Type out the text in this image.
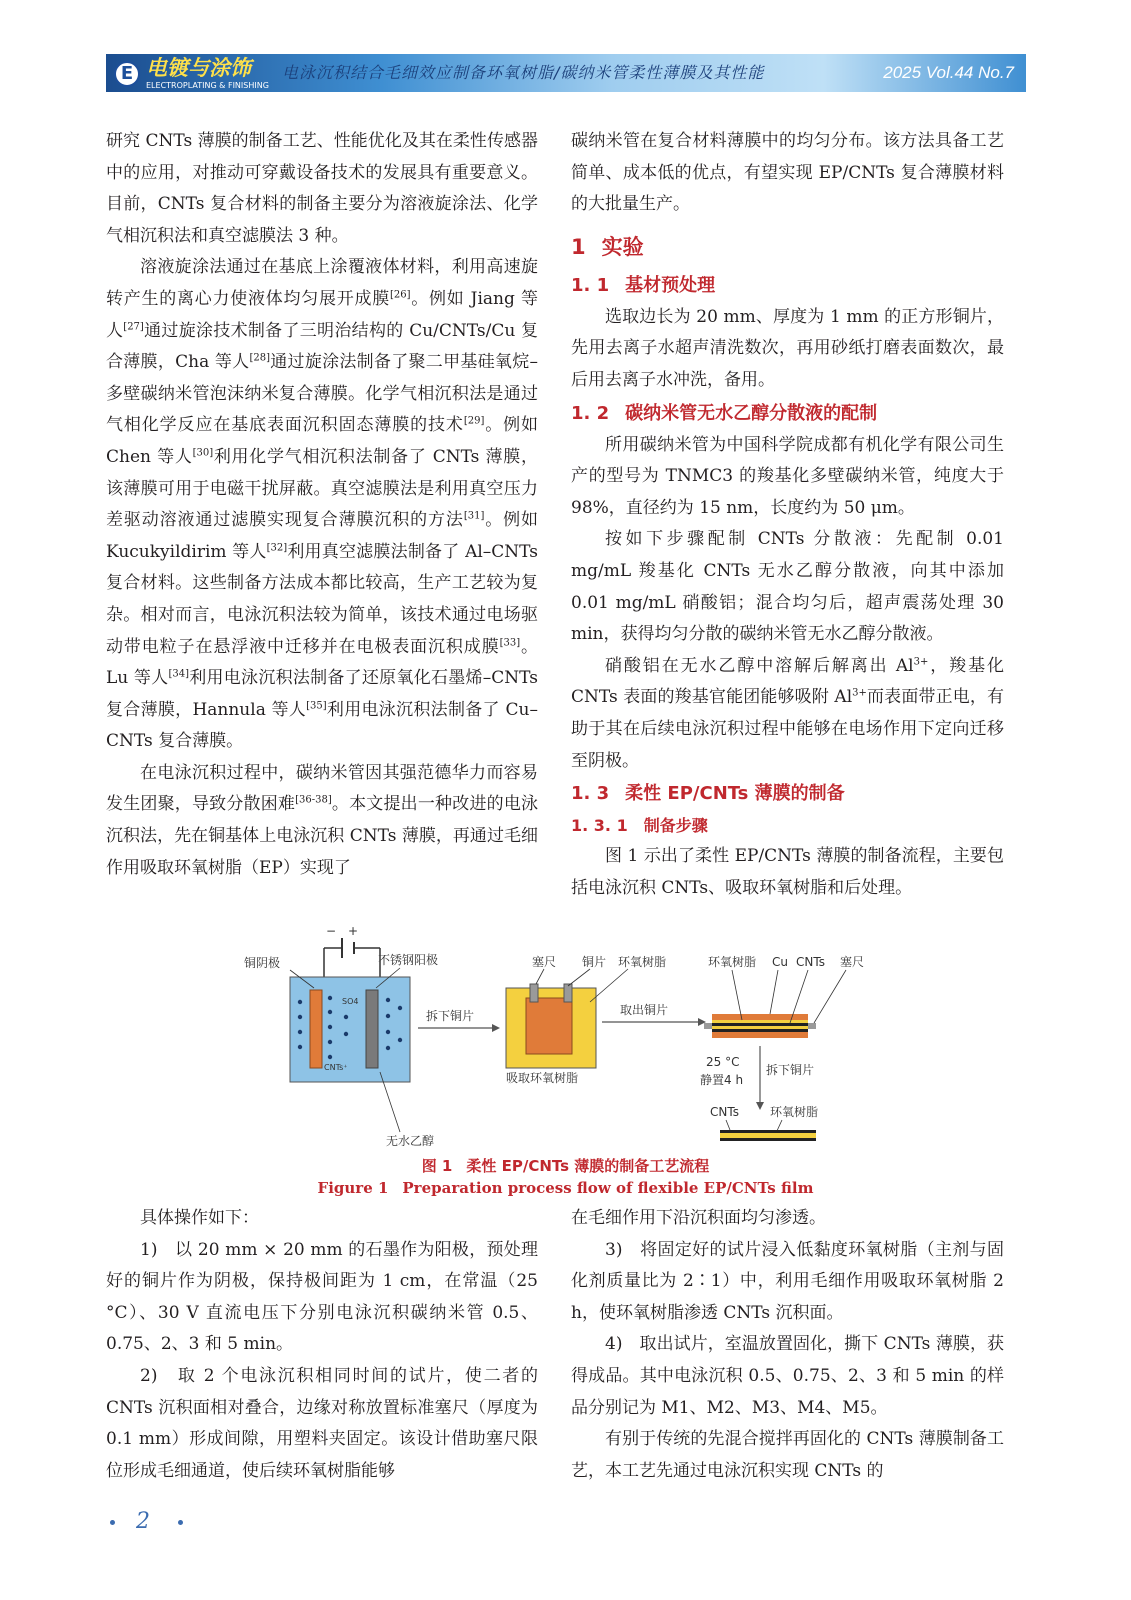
E 电镀与涂饰
ELECTROPLATING & FINISHING
电泳沉积结合毛细效应制备环氧树脂/碳纳米管柔性薄膜及其性能	2025 Vol.44 No.7

研究 CNTs 薄膜的制备工艺、性能优化及其在柔性传感器中的应用，对推动可穿戴设备技术的发展具有重要意义。目前，CNTs 复合材料的制备主要分为溶液旋涂法、化学气相沉积法和真空滤膜法 3 种。

溶液旋涂法通过在基底上涂覆液体材料，利用高速旋转产生的离心力使液体均匀展开成膜[26]。例如 Jiang 等人[27]通过旋涂技术制备了三明治结构的 Cu/CNTs/Cu 复合薄膜，Cha 等人[28]通过旋涂法制备了聚二甲基硅氧烷–多壁碳纳米管泡沫纳米复合薄膜。化学气相沉积法是通过气相化学反应在基底表面沉积固态薄膜的技术[29]。例如 Chen 等人[30]利用化学气相沉积法制备了 CNTs 薄膜，该薄膜可用于电磁干扰屏蔽。真空滤膜法是利用真空压力差驱动溶液通过滤膜实现复合薄膜沉积的方法[31]。例如 Kucukyildirim 等人[32]利用真空滤膜法制备了 Al–CNTs 复合材料。这些制备方法成本都比较高，生产工艺较为复杂。相对而言，电泳沉积法较为简单，该技术通过电场驱动带电粒子在悬浮液中迁移并在电极表面沉积成膜[33]。Lu 等人[34]利用电泳沉积法制备了还原氧化石墨烯–CNTs 复合薄膜，Hannula 等人[35]利用电泳沉积法制备了 Cu–CNTs 复合薄膜。

在电泳沉积过程中，碳纳米管因其强范德华力而容易发生团聚，导致分散困难[36-38]。本文提出一种改进的电泳沉积法，先在铜基体上电泳沉积 CNTs 薄膜，再通过毛细作用吸取环氧树脂（EP）实现了

碳纳米管在复合材料薄膜中的均匀分布。该方法具备工艺简单、成本低的优点，有望实现 EP/CNTs 复合薄膜材料的大批量生产。

1 实验
1. 1 基材预处理

选取边长为 20 mm、厚度为 1 mm 的正方形铜片，先用去离子水超声清洗数次，再用砂纸打磨表面数次，最后用去离子水冲洗，备用。

1. 2 碳纳米管无水乙醇分散液的配制

所用碳纳米管为中国科学院成都有机化学有限公司生产的型号为 TNMC3 的羧基化多壁碳纳米管，纯度大于 98%，直径约为 15 nm，长度约为 50 μm。

按如下步骤配制 CNTs 分散液：先配制 0.01 mg/mL 羧基化 CNTs 无水乙醇分散液，向其中添加 0.01 mg/mL 硝酸铝；混合均匀后，超声震荡处理 30 min，获得均匀分散的碳纳米管无水乙醇分散液。

硝酸铝在无水乙醇中溶解后解离出 $Al^{3+}$，羧基化 CNTs 表面的羧基官能团能够吸附 $Al^{3+}$而表面带正电，有助于其在后续电泳沉积过程中能够在电场作用下定向迁移至阴极。

1. 3 柔性 EP/CNTs 薄膜的制备
1. 3. 1 制备步骤

图 1 示出了柔性 EP/CNTs 薄膜的制备流程，主要包括电泳沉积 CNTs、吸取环氧树脂和后处理。

− +
SO4
CNTs⁺
铜阴极	不锈钢阳极
无水乙醇
拆下铜片
塞尺 铜片 环氧树脂
吸取环氧树脂
取出铜片
环氧树脂 Cu CNTs 塞尺
25 °C
静置4 h
拆下铜片
CNTs	环氧树脂
图 1 柔性 EP/CNTs 薄膜的制备工艺流程
Figure 1 Preparation process flow of flexible EP/CNTs film

具体操作如下：

1)　以 20 mm × 20 mm 的石墨作为阳极，预处理好的铜片作为阴极，保持极间距为 1 cm，在常温（25 °C）、30 V 直流电压下分别电泳沉积碳纳米管 0.5、0.75、2、3 和 5 min。

2)　取 2 个电泳沉积相同时间的试片，使二者的 CNTs 沉积面相对叠合，边缘对称放置标准塞尺（厚度为 0.1 mm）形成间隙，用塑料夹固定。该设计借助塞尺限位形成毛细通道，使后续环氧树脂能够

在毛细作用下沿沉积面均匀渗透。

3)　将固定好的试片浸入低黏度环氧树脂（主剂与固化剂质量比为 2∶1）中，利用毛细作用吸取环氧树脂 2 h，使环氧树脂渗透 CNTs 沉积面。

4)　取出试片，室温放置固化，撕下 CNTs 薄膜，获得成品。其中电泳沉积 0.5、0.75、2、3 和 5 min 的样品分别记为 M1、M2、M3、M4、M5。

有别于传统的先混合搅拌再固化的 CNTs 薄膜制备工艺，本工艺先通过电泳沉积实现 CNTs 的

2
